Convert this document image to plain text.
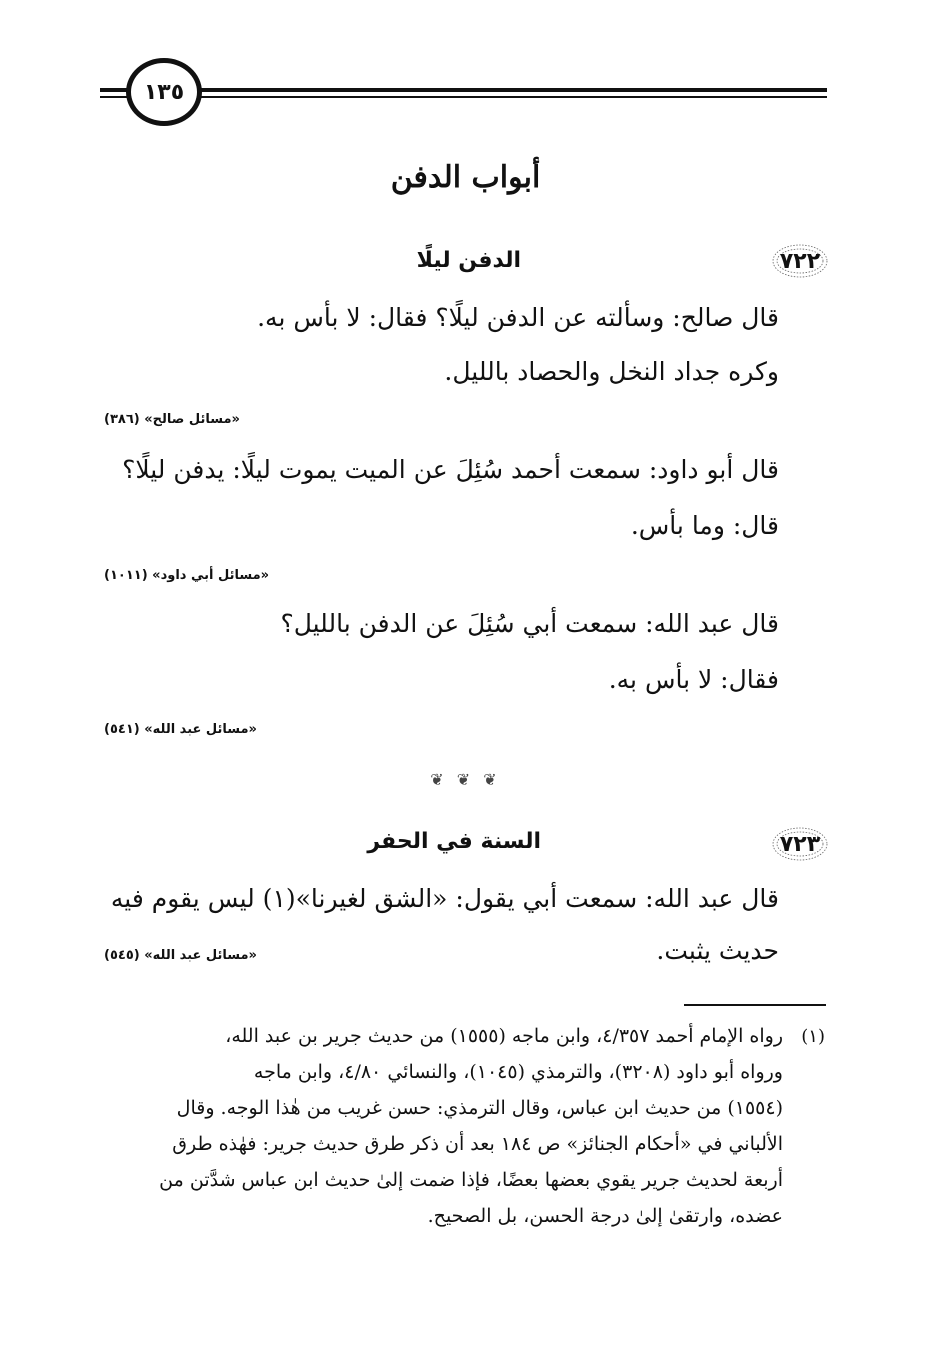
١٣٥
أبواب الدفن
٧٢٢
الدفن ليلًا
قال صالح: وسألته عن الدفن ليلًا؟ فقال: لا بأس به.
وكره جداد النخل والحصاد بالليل.
«مسائل صالح» (٣٨٦)
قال أبو داود: سمعت أحمد سُئِلَ عن الميت يموت ليلًا: يدفن ليلًا؟
قال: وما بأس.
«مسائل أبي داود» (١٠١١)
قال عبد الله: سمعت أبي سُئِلَ عن الدفن بالليل؟
فقال: لا بأس به.
«مسائل عبد الله» (٥٤١)
❦ ❦ ❦
٧٢٣
السنة في الحفر
قال عبد الله: سمعت أبي يقول: «الشق لغيرنا»(١) ليس يقوم فيه
حديث يثبت.
«مسائل عبد الله» (٥٤٥)
(١)
رواه الإمام أحمد ٤/٣٥٧، وابن ماجه (١٥٥٥) من حديث جرير بن عبد الله،
ورواه أبو داود (٣٢٠٨)، والترمذي (١٠٤٥)، والنسائي ٤/٨٠، وابن ماجه
(١٥٥٤) من حديث ابن عباس، وقال الترمذي: حسن غريب من هٰذا الوجه. وقال
الألباني في «أحكام الجنائز» ص ١٨٤ بعد أن ذكر طرق حديث جرير: فهٰذه طرق
أربعة لحديث جرير يقوي بعضها بعضًا، فإذا ضمت إلىٰ حديث ابن عباس شدَّتن من
عضده، وارتقىٰ إلىٰ درجة الحسن، بل الصحيح.
